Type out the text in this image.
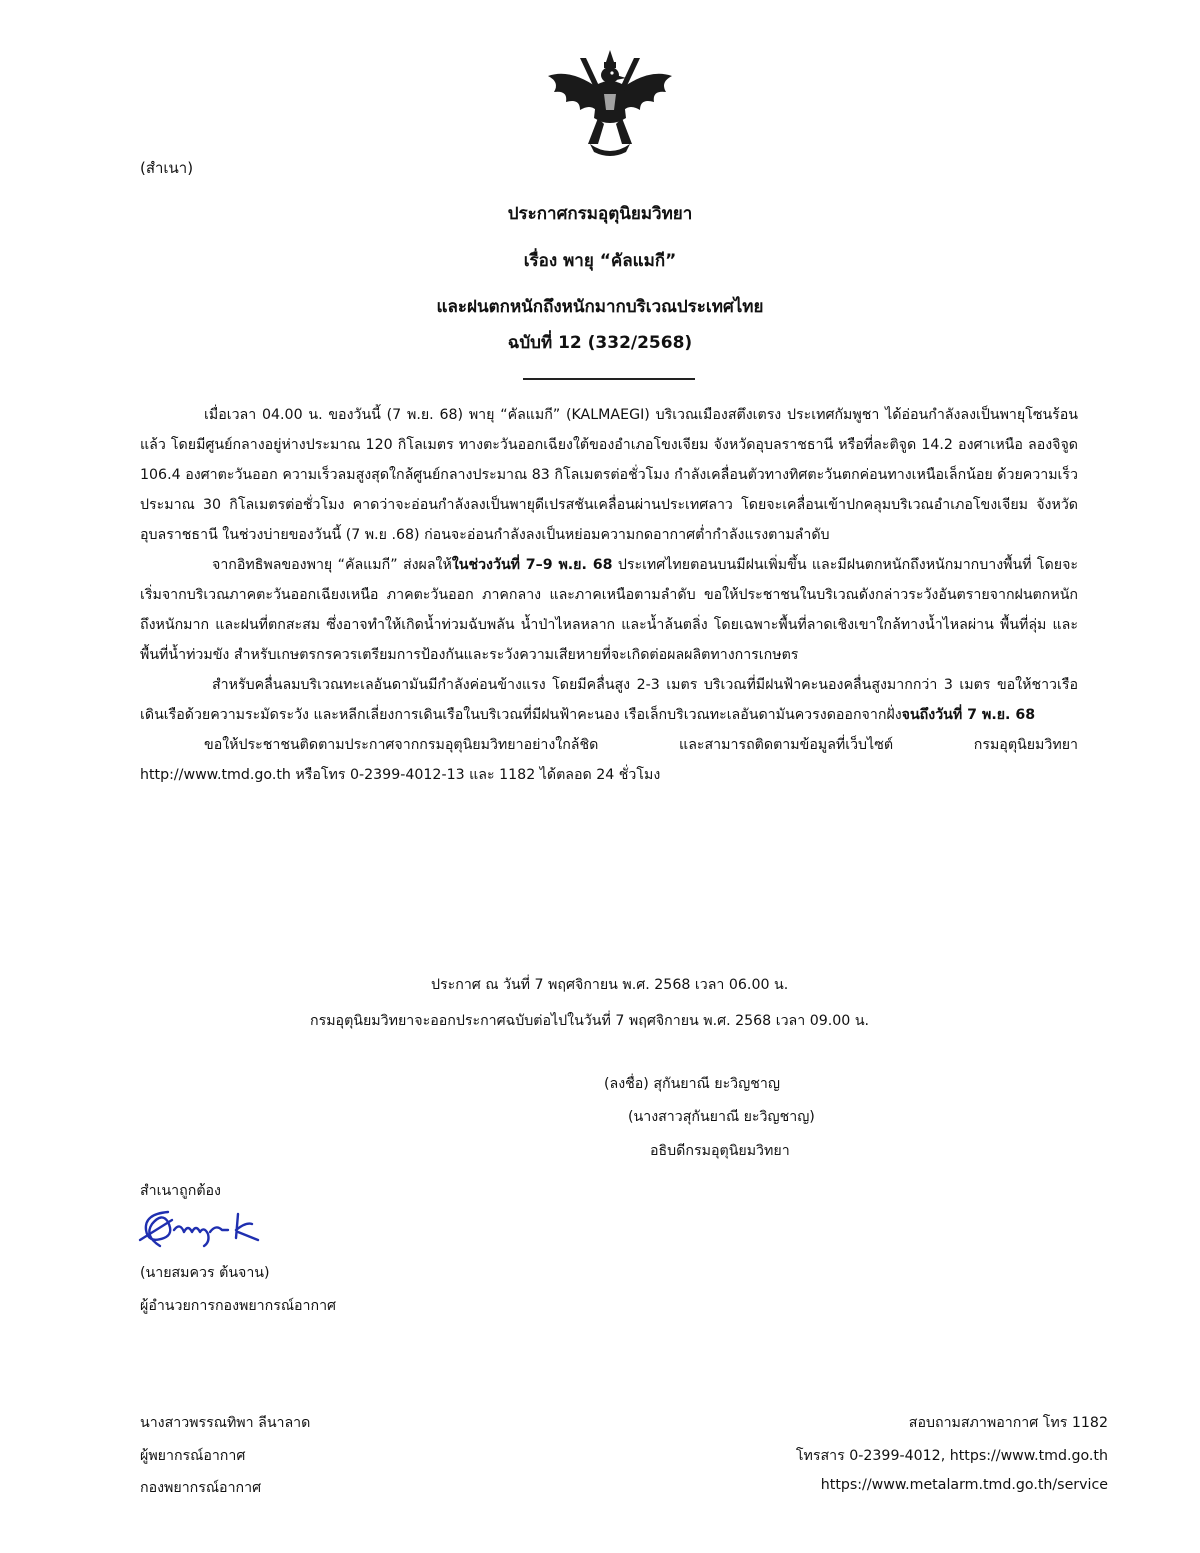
(สำเนา)
ประกาศกรมอุตุนิยมวิทยา
เรื่อง พายุ “คัลแมกี”
และฝนตกหนักถึงหนักมากบริเวณประเทศไทย
ฉบับที่ 12 (332/2568)

เมื่อเวลา 04.00 น. ของวันนี้ (7 พ.ย. 68) พายุ “คัลแมกี” (KALMAEGI) บริเวณเมืองสตึงเตรง ประเทศกัมพูชา ได้อ่อนกำลังลงเป็นพายุโซนร้อนแล้ว โดยมีศูนย์กลางอยู่ห่างประมาณ 120 กิโลเมตร ทางตะวันออกเฉียงใต้ของอำเภอโขงเจียม จังหวัดอุบลราชธานี หรือที่ละติจูด 14.2 องศาเหนือ ลองจิจูด 106.4 องศาตะวันออก ความเร็วลมสูงสุดใกล้ศูนย์กลางประมาณ 83 กิโลเมตรต่อชั่วโมง กำลังเคลื่อนตัวทางทิศตะวันตกค่อนทางเหนือเล็กน้อย ด้วยความเร็วประมาณ 30 กิโลเมตรต่อชั่วโมง คาดว่าจะอ่อนกำลังลงเป็นพายุดีเปรสชันเคลื่อนผ่านประเทศลาว โดยจะเคลื่อนเข้าปกคลุมบริเวณอำเภอโขงเจียม จังหวัดอุบลราชธานี ในช่วงบ่ายของวันนี้ (7 พ.ย .68) ก่อนจะอ่อนกำลังลงเป็นหย่อมความกดอากาศต่ำกำลังแรงตามลำดับ

จากอิทธิพลของพายุ “คัลแมกี” ส่งผลให้ในช่วงวันที่ 7–9 พ.ย. 68 ประเทศไทยตอนบนมีฝนเพิ่มขึ้น และมีฝนตกหนักถึงหนักมากบางพื้นที่ โดยจะเริ่มจากบริเวณภาคตะวันออกเฉียงเหนือ ภาคตะวันออก ภาคกลาง และภาคเหนือตามลำดับ ขอให้ประชาชนในบริเวณดังกล่าวระวังอันตรายจากฝนตกหนักถึงหนักมาก และฝนที่ตกสะสม ซึ่งอาจทำให้เกิดน้ำท่วมฉับพลัน น้ำป่าไหลหลาก และน้ำล้นตลิ่ง โดยเฉพาะพื้นที่ลาดเชิงเขาใกล้ทางน้ำไหลผ่าน พื้นที่ลุ่ม และพื้นที่น้ำท่วมขัง สำหรับเกษตรกรควรเตรียมการป้องกันและระวังความเสียหายที่จะเกิดต่อผลผลิตทางการเกษตร

สำหรับคลื่นลมบริเวณทะเลอันดามันมีกำลังค่อนข้างแรง โดยมีคลื่นสูง 2-3 เมตร บริเวณที่มีฝนฟ้าคะนองคลื่นสูงมากกว่า 3 เมตร ขอให้ชาวเรือเดินเรือด้วยความระมัดระวัง และหลีกเลี่ยงการเดินเรือในบริเวณที่มีฝนฟ้าคะนอง เรือเล็กบริเวณทะเลอันดามันควรงดออกจากฝั่งจนถึงวันที่ 7 พ.ย. 68

ขอให้ประชาชนติดตามประกาศจากกรมอุตุนิยมวิทยาอย่างใกล้ชิด และสามารถติดตามข้อมูลที่เว็บไซต์ กรมอุตุนิยมวิทยา http://www.tmd.go.th หรือโทร 0-2399-4012-13 และ 1182 ได้ตลอด 24 ชั่วโมง

ประกาศ ณ วันที่ 7 พฤศจิกายน พ.ศ. 2568 เวลา 06.00 น.
กรมอุตุนิยมวิทยาจะออกประกาศฉบับต่อไปในวันที่ 7 พฤศจิกายน พ.ศ. 2568 เวลา 09.00 น.
(ลงชื่อ) สุกันยาณี ยะวิญชาญ
(นางสาวสุกันยาณี ยะวิญชาญ)
อธิบดีกรมอุตุนิยมวิทยา
สำเนาถูกต้อง
(นายสมควร ต้นจาน)
ผู้อำนวยการกองพยากรณ์อากาศ
นางสาวพรรณทิพา ลีนาลาด
ผู้พยากรณ์อากาศ
กองพยากรณ์อากาศ
สอบถามสภาพอากาศ โทร 1182
โทรสาร 0-2399-4012, https://www.tmd.go.th
https://www.metalarm.tmd.go.th/service
